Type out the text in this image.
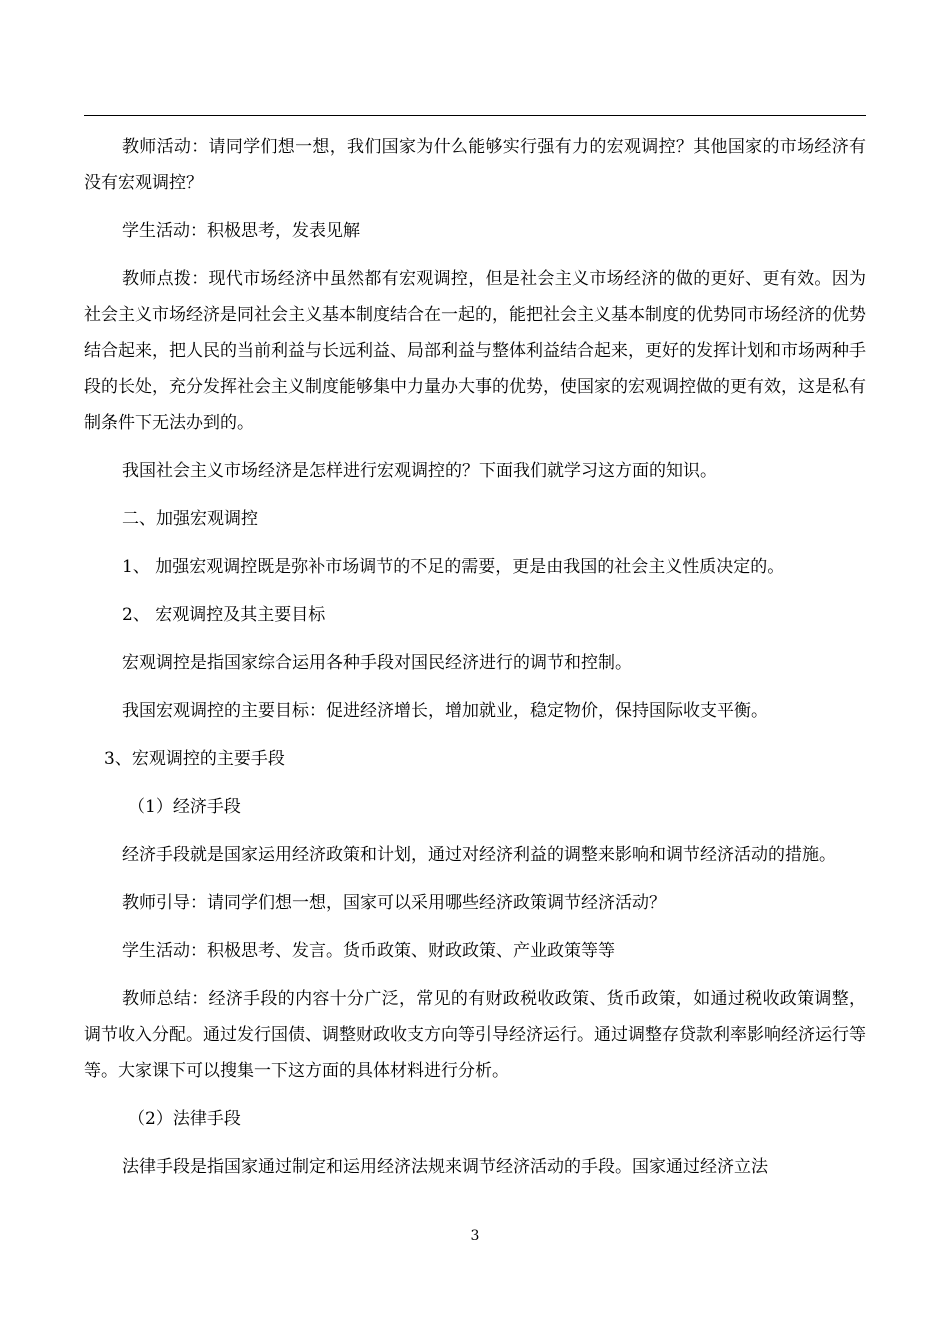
教师活动：请同学们想一想，我们国家为什么能够实行强有力的宏观调控？其他国家的市场经济有没有宏观调控？

学生活动：积极思考，发表见解

教师点拨：现代市场经济中虽然都有宏观调控，但是社会主义市场经济的做的更好、更有效。因为社会主义市场经济是同社会主义基本制度结合在一起的，能把社会主义基本制度的优势同市场经济的优势结合起来，把人民的当前利益与长远利益、局部利益与整体利益结合起来，更好的发挥计划和市场两种手段的长处，充分发挥社会主义制度能够集中力量办大事的优势，使国家的宏观调控做的更有效，这是私有制条件下无法办到的。

我国社会主义市场经济是怎样进行宏观调控的？下面我们就学习这方面的知识。

二、加强宏观调控

1、 加强宏观调控既是弥补市场调节的不足的需要，更是由我国的社会主义性质决定的。

2、 宏观调控及其主要目标

宏观调控是指国家综合运用各种手段对国民经济进行的调节和控制。

我国宏观调控的主要目标：促进经济增长，增加就业，稳定物价，保持国际收支平衡。

3、宏观调控的主要手段

（1）经济手段

经济手段就是国家运用经济政策和计划，通过对经济利益的调整来影响和调节经济活动的措施。

教师引导：请同学们想一想，国家可以采用哪些经济政策调节经济活动？

学生活动：积极思考、发言。货币政策、财政政策、产业政策等等

教师总结：经济手段的内容十分广泛，常见的有财政税收政策、货币政策，如通过税收政策调整，调节收入分配。通过发行国债、调整财政收支方向等引导经济运行。通过调整存贷款利率影响经济运行等等。大家课下可以搜集一下这方面的具体材料进行分析。

（2）法律手段

法律手段是指国家通过制定和运用经济法规来调节经济活动的手段。国家通过经济立法

3
